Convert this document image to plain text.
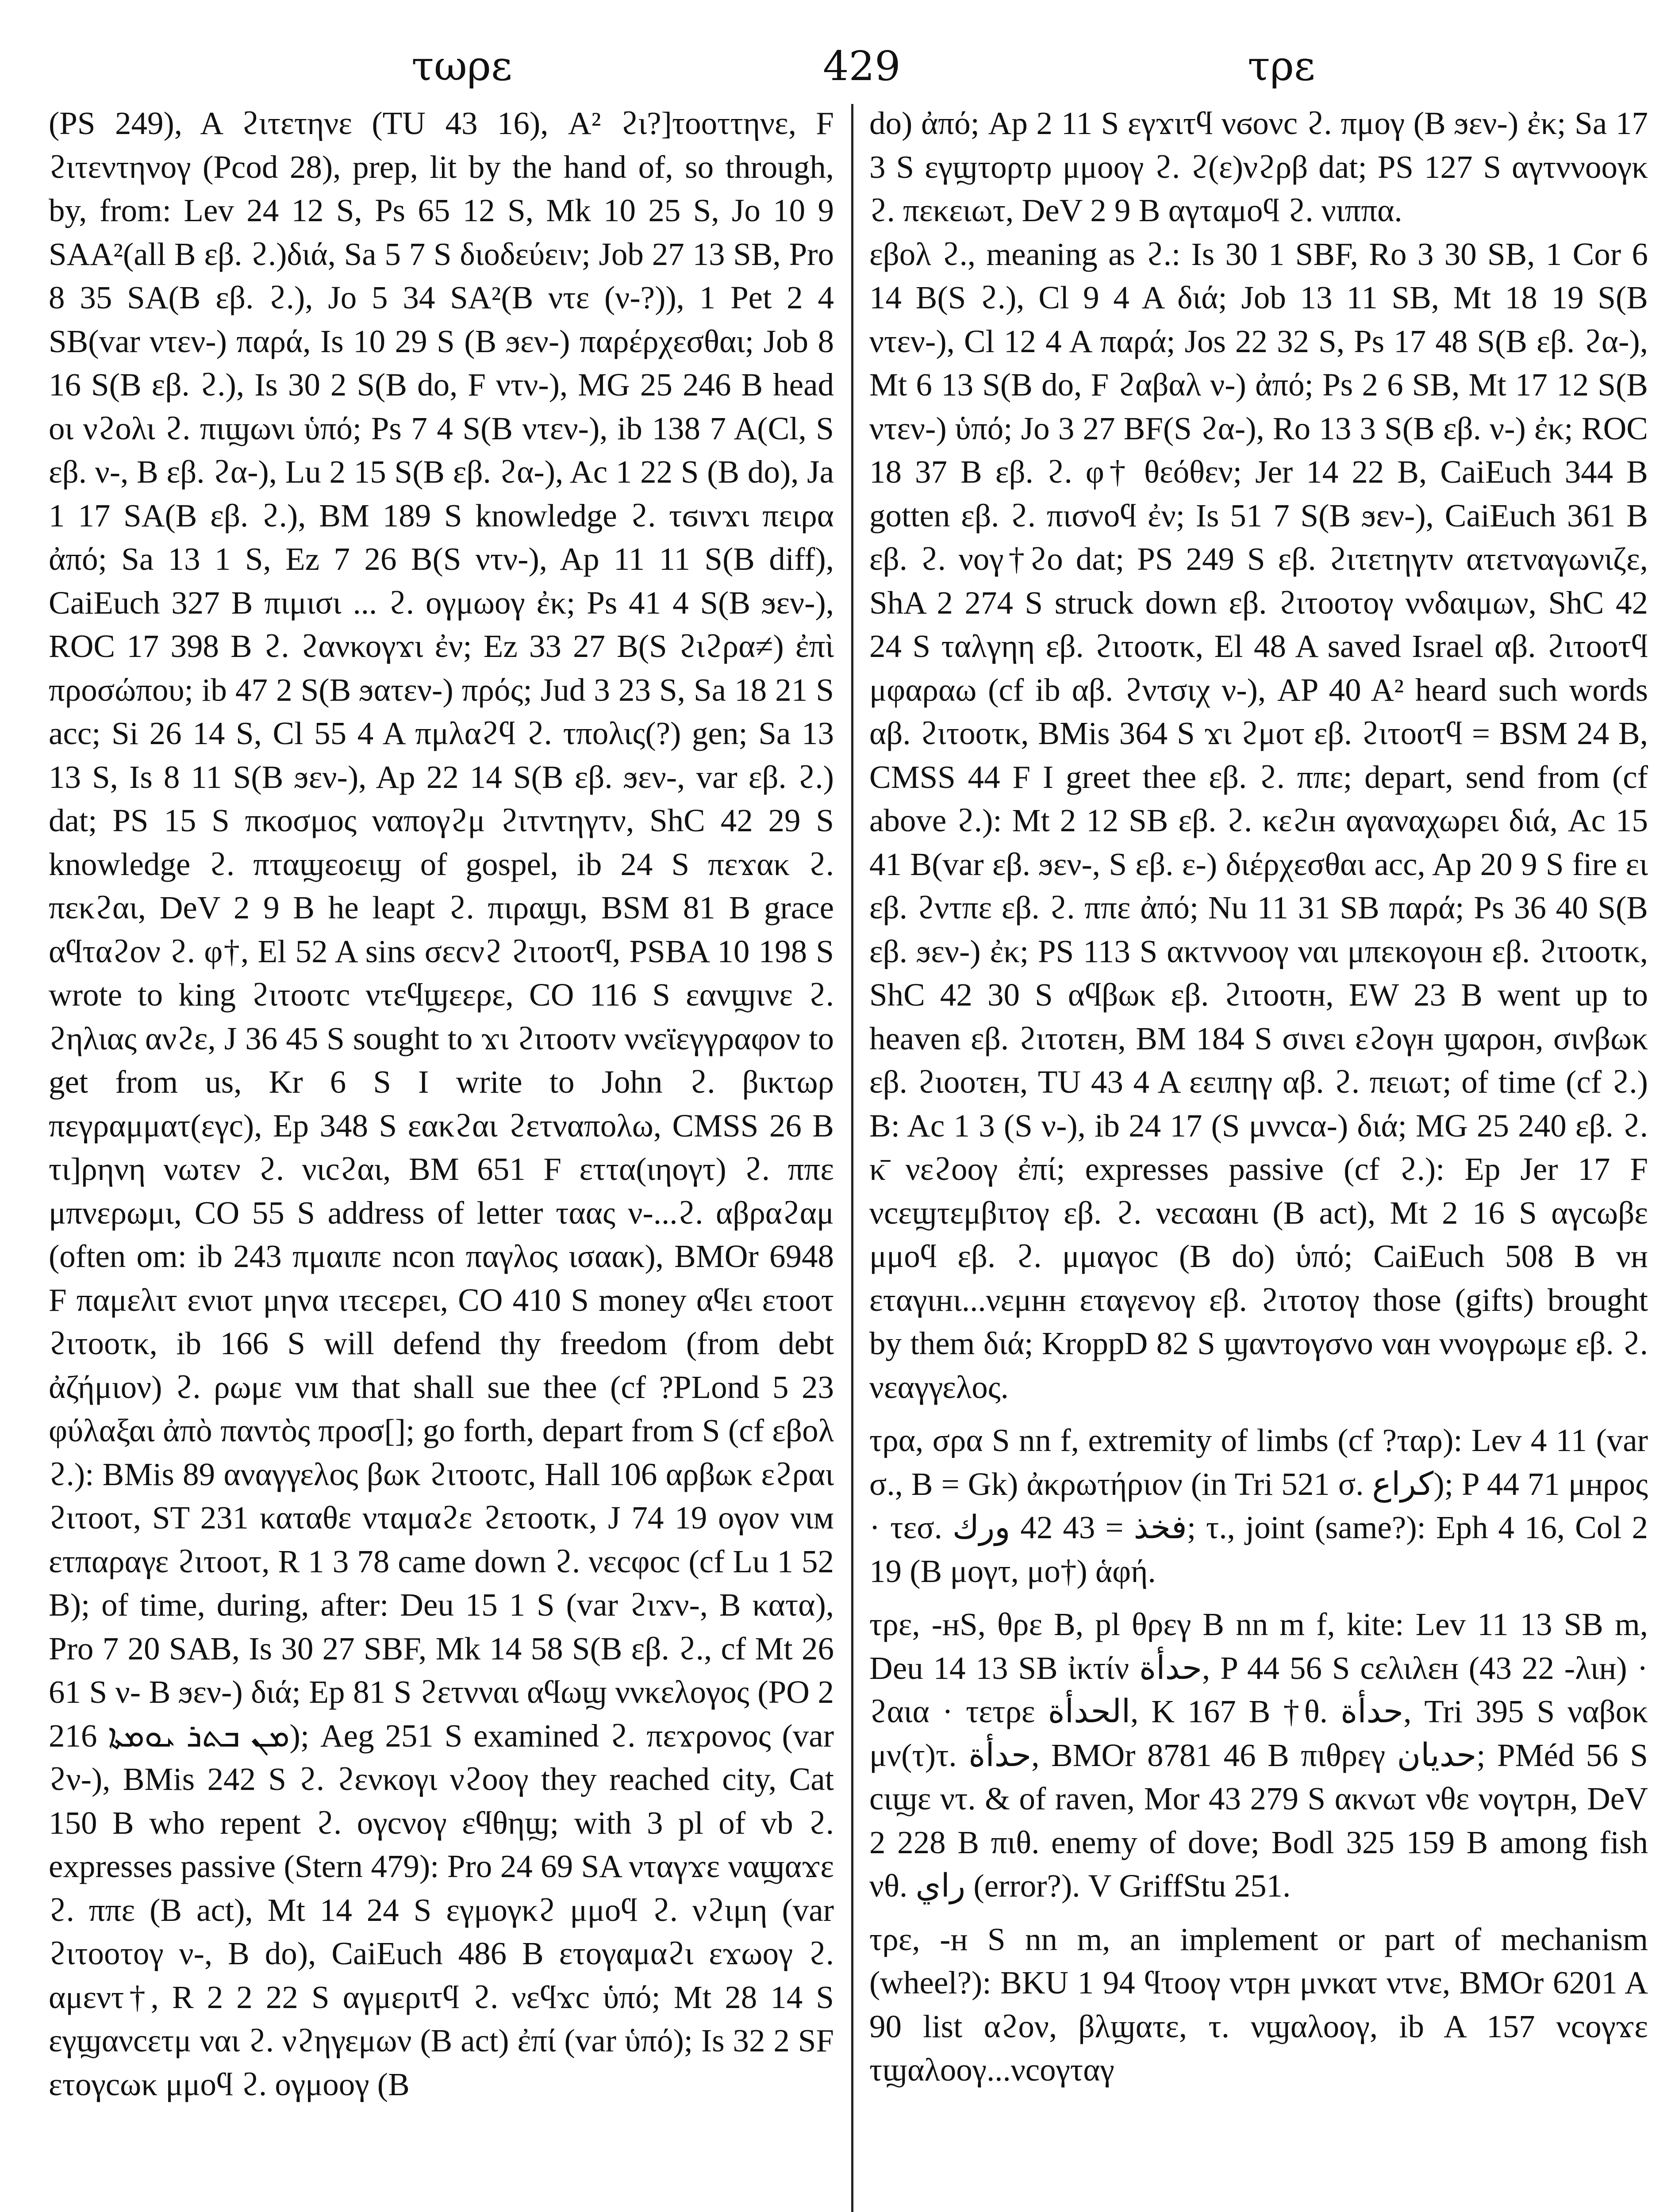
τωρε	429	τρε

(PS 249), A ϩιτετηνε (TU 43 16), A² ϩι?]τοοττηνε, F ϩιτεντηνογ (Pcod 28), prep, lit by the hand of, so through, by, from: Lev 24 12 S, Ps 65 12 S, Mk 10 25 S, Jo 10 9 SAA²(all B εβ. ϩ.)διά, Sa 5 7 S διοδεύειν; Job 27 13 SB, Pro 8 35 SA(B εβ. ϩ.), Jo 5 34 SA²(B ντε (ν-?)), 1 Pet 2 4 SB(var ντεν-) παρά, Is 10 29 S (B ϧεν-) παρέρχεσθαι; Job 8 16 S(B εβ. ϩ.), Is 30 2 S(B do, F ντν-), MG 25 246 B head οι νϩολι ϩ. πιϣωνι ὑπό; Ps 7 4 S(B ντεν-), ib 138 7 A(Cl, S εβ. ν-, B εβ. ϩα-), Lu 2 15 S(B εβ. ϩα-), Ac 1 22 S (B do), Ja 1 17 SA(B εβ. ϩ.), BM 189 S knowledge ϩ. τϭινϫι πειρα ἀπό; Sa 13 1 S, Ez 7 26 B(S ντν-), Ap 11 11 S(B diff), CaiEuch 327 B πιμισι ... ϩ. ογμωογ ἐκ; Ps 41 4 S(B ϧεν-), ROC 17 398 B ϩ. ϩανκογϫι ἐν; Ez 33 27 B(S ϩιϩρα≠) ἐπὶ προσώπου; ib 47 2 S(B ϧατεν-) πρός; Jud 3 23 S, Sa 18 21 S acc; Si 26 14 S, Cl 55 4 A πμλαϩϥ ϩ. τπολις(?) gen; Sa 13 13 S, Is 8 11 S(B ϧεν-), Ap 22 14 S(B εβ. ϧεν-, var εβ. ϩ.) dat; PS 15 S πκοσμος ναπογϩμ ϩιτντηγτν, ShC 42 29 S knowledge ϩ. πταϣεοειϣ of gospel, ib 24 S πεϫακ ϩ. πεκϩαι, DeV 2 9 B he leapt ϩ. πιραϣι, BSM 81 B grace αϥταϩον ϩ. φ†, El 52 A sins σεсνϩ ϩιτοοτϥ, PSBA 10 198 S wrote to king ϩιτοοτс ντεϥϣεερε, CO 116 S εανϣινε ϩ. ϩηλιας ανϩε, J 36 45 S sought to ϫι ϩιτοοτν ννεϊεγγραφον to get from us, Kr 6 S I write to John ϩ. βικτωρ πεγραμματ(εγс), Ep 348 S εακϩαι ϩετναπολω, CMSS 26 B τι]ρηνη νωτεν ϩ. νιсϩαι, BM 651 F εττα(ιηογτ) ϩ. ππε μπνερωμι, CO 55 S address of letter ταας ν-...ϩ. αβραϩαμ (often om: ib 243 πμαιπε ncon παγλος ισαακ), BMOr 6948 F παμελιτ ενιοτ μηνα ιτεсερει, CO 410 S money αϥει ετοοτ ϩιτοοτκ, ib 166 S will defend thy freedom (from debt ἀζήμιον) ϩ. ρωμε νιм that shall sue thee (cf ?PLond 5 23 φύλαξαι ἀπὸ παντὸς προσ[]; go forth, depart from S (cf εβολ ϩ.): BMis 89 αναγγελος βωκ ϩιτοοτс, Hall 106 αρβωκ εϩραι ϩιτοοτ, ST 231 καταθε νταμαϩε ϩετοοτκ, J 74 19 ογον νιм ετπαραγε ϩιτοοτ, R 1 3 78 came down ϩ. νεсφοс (cf Lu 1 52 B); of time, during, after: Deu 15 1 S (var ϩιϫν-, B κατα), Pro 7 20 SAB, Is 30 27 SBF, Mk 14 58 S(B εβ. ϩ., cf Mt 26 61 S ν- B ϧεν-) διά; Ep 81 S ϩετνναι αϥωϣ ννκελογος (PO 2 216 ܡܢ ܒܬܪ ܝܘܡܬܐ); Aeg 251 S examined ϩ. πεϫρονος (var ϩν-), BMis 242 S ϩ. ϩενκογι νϩοογ they reached city, Cat 150 B who repent ϩ. ογсνογ εϥθηϣ; with 3 pl of vb ϩ. expresses passive (Stern 479): Pro 24 69 SA νταγϫε ναϣαϫε ϩ. ππε (B act), Mt 14 24 S εγμογκϩ μμοϥ ϩ. νϩιμη (var ϩιτοοτογ ν-, B do), CaiEuch 486 B ετογαμαϩι εϫωογ ϩ. αμεντ†, R 2 2 22 S αγμεριτϥ ϩ. νεϥϫc ὑπό; Mt 28 14 S εγϣανсετμ ναι ϩ. νϩηγεμων (B act) ἐπί (var ὑπό); Is 32 2 SF ετογсωκ μμοϥ ϩ. ογμοογ (B

do) ἀπό; Ap 2 11 S εγϫιτϥ νϭονс ϩ. πμογ (B ϧεν-) ἐκ; Sa 17 3 S εγϣτορτρ μμοογ ϩ. ϩ(ε)νϩρβ dat; PS 127 S αγτννοογκ ϩ. πεκειωτ, DeV 2 9 B αγταμοϥ ϩ. νιππα.

εβολ ϩ., meaning as ϩ.: Is 30 1 SBF, Ro 3 30 SB, 1 Cor 6 14 B(S ϩ.), Cl 9 4 A διά; Job 13 11 SB, Mt 18 19 S(B ντεν-), Cl 12 4 A παρά; Jos 22 32 S, Ps 17 48 S(B εβ. ϩα-), Mt 6 13 S(B do, F ϩαβαλ ν-) ἀπό; Ps 2 6 SB, Mt 17 12 S(B ντεν-) ὑπό; Jo 3 27 BF(S ϩα-), Ro 13 3 S(B εβ. ν-) ἐκ; ROC 18 37 B εβ. ϩ. φ† θεόθεν; Jer 14 22 B, CaiEuch 344 B gotten εβ. ϩ. πισνοϥ ἐν; Is 51 7 S(B ϧεν-), CaiEuch 361 B εβ. ϩ. νογ†ϩο dat; PS 249 S εβ. ϩιτετηγτν ατετναγωνιζε, ShA 2 274 S struck down εβ. ϩιτοοτογ ννδαιμων, ShC 42 24 S ταλγηη εβ. ϩιτοοτκ, El 48 A saved Israel αβ. ϩιτοοτϥ μφαραω (cf ib αβ. ϩντσιχ ν-), AP 40 A² heard such words αβ. ϩιτοοτκ, BMis 364 S ϫι ϩμοτ εβ. ϩιτοοτϥ = BSM 24 B, CMSS 44 F I greet thee εβ. ϩ. ππε; depart, send from (cf above ϩ.): Mt 2 12 SB εβ. ϩ. κεϩιн αγαναχωρει διά, Ac 15 41 B(var εβ. ϧεν-, S εβ. ε-) διέρχεσθαι acc, Ap 20 9 S fire ει εβ. ϩντπε εβ. ϩ. ππε ἀπό; Nu 11 31 SB παρά; Ps 36 40 S(B εβ. ϧεν-) ἐκ; PS 113 S ακτννοογ ναι μπεκογοιн εβ. ϩιτοοτκ, ShC 42 30 S αϥβωκ εβ. ϩιτοοτн, EW 23 B went up to heaven εβ. ϩιτοτεн, BM 184 S σινει εϩογн ϣαροн, σινβωκ εβ. ϩιοοτεн, TU 43 4 A εειπηγ αβ. ϩ. πειωτ; of time (cf ϩ.) B: Ac 1 3 (S ν-), ib 24 17 (S μννсα-) διά; MG 25 240 εβ. ϩ. κ̄ νεϩοογ ἐπί; expresses passive (cf ϩ.): Ep Jer 17 F νсεϣτεμβιτογ εβ. ϩ. νεсααнι (B act), Mt 2 16 S αγсωβε μμοϥ εβ. ϩ. μμαγοс (B do) ὑπό; CaiEuch 508 B νн εταγιнι...νεμнн εταγενογ εβ. ϩιτοτογ those (gifts) brought by them διά; KroppD 82 S ϣανтογσνο ναн ννογρωμε εβ. ϩ. νεαγγελος.

τρα, σρα S nn f, extremity of limbs (cf ?ταρ): Lev 4 11 (var σ., B = Gk) ἀκρωτήριον (in Tri 521 σ. كراع); P 44 71 μнρος · τεσ. فخذ = 43 42 ورك; τ., joint (same?): Eph 4 16, Col 2 19 (B μογτ, μο†) ἁφή.

τρε, -нS, θρε B, pl θρεγ B nn m f, kite: Lev 11 13 SB m, Deu 14 13 SB ἰκτίν حدأة, P 44 56 S сελιλεн (43 22 -λιн) · ϩαια · τετρε الحدأة, K 167 B †θ. حدأة, Tri 395 S ναβοκ μν(τ)τ. حدأة, BMOr 8781 46 B πιθρεγ حديان; PMéd 56 S сιϣε ντ. & of raven, Mor 43 279 S ακνωτ νθε νογτρн, DeV 2 228 B πιθ. enemy of dove; Bodl 325 159 B among fish νθ. راي (error?). V GriffStu 251.

τρε, -н S nn m, an implement or part of mechanism (wheel?): BKU 1 94 ϥτοογ ντρн μνκατ ντνε, BMOr 6201 A 90 list αϩον, βλϣατε, τ. νϣαλοογ, ib A 157 νсογϫε τϣαλοογ...νсογταγ
